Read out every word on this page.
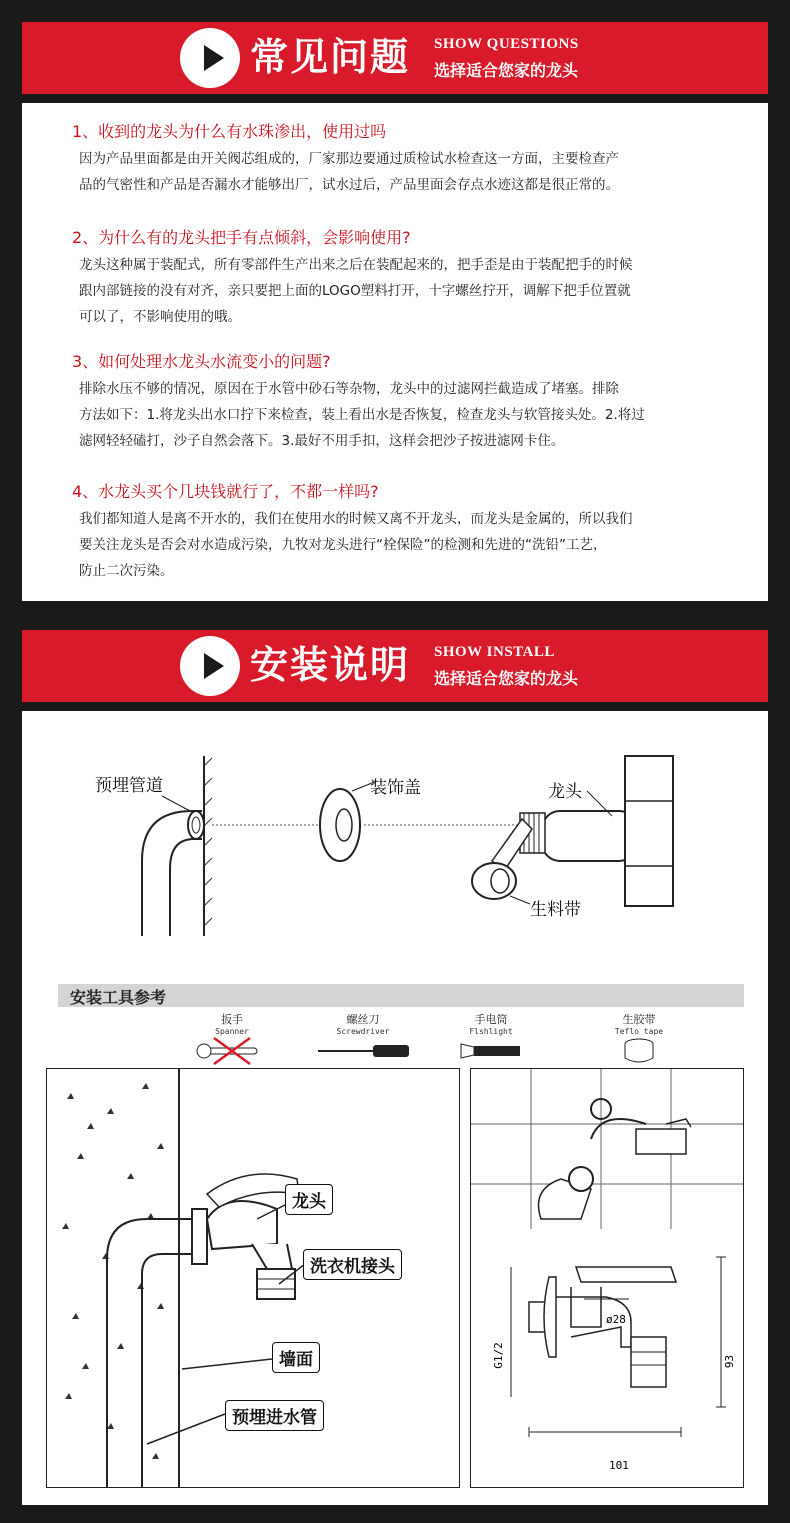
常见问题 SHOW QUESTIONS
选择适合您家的龙头
1、收到的龙头为什么有水珠渗出，使用过吗
因为产品里面都是由开关阀芯组成的，厂家那边要通过质检试水检查这一方面，主要检查产
品的气密性和产品是否漏水才能够出厂，试水过后，产品里面会存点水迹这都是很正常的。
2、为什么有的龙头把手有点倾斜，会影响使用?
龙头这种属于装配式，所有零部件生产出来之后在装配起来的，把手歪是由于装配把手的时候
跟内部链接的没有对齐，亲只要把上面的LOGO塑料打开，十字螺丝拧开，调解下把手位置就
可以了，不影响使用的哦。
3、如何处理水龙头水流变小的问题?
排除水压不够的情况，原因在于水管中砂石等杂物，龙头中的过滤网拦截造成了堵塞。排除
方法如下：1.将龙头出水口拧下来检查，装上看出水是否恢复，检查龙头与软管接头处。2.将过
滤网轻轻磕打，沙子自然会落下。3.最好不用手扣，这样会把沙子按进滤网卡住。
4、水龙头买个几块钱就行了，不都一样吗?
我们都知道人是离不开水的，我们在使用水的时候又离不开龙头，而龙头是金属的，所以我们
要关注龙头是否会对水造成污染，九牧对龙头进行“栓保险”的检测和先进的“洗铅”工艺，
防止二次污染。
安装说明 SHOW INSTALL
选择适合您家的龙头
预埋管道	装饰盖	龙头
生料带
安装工具参考
扳手
Spanner
螺丝刀
Screwdriver
手电筒
Flshlight
生胶带
Teflo tape
龙头
洗衣机接头
墙面
预埋进水管
ø28
G1/2	93
101
